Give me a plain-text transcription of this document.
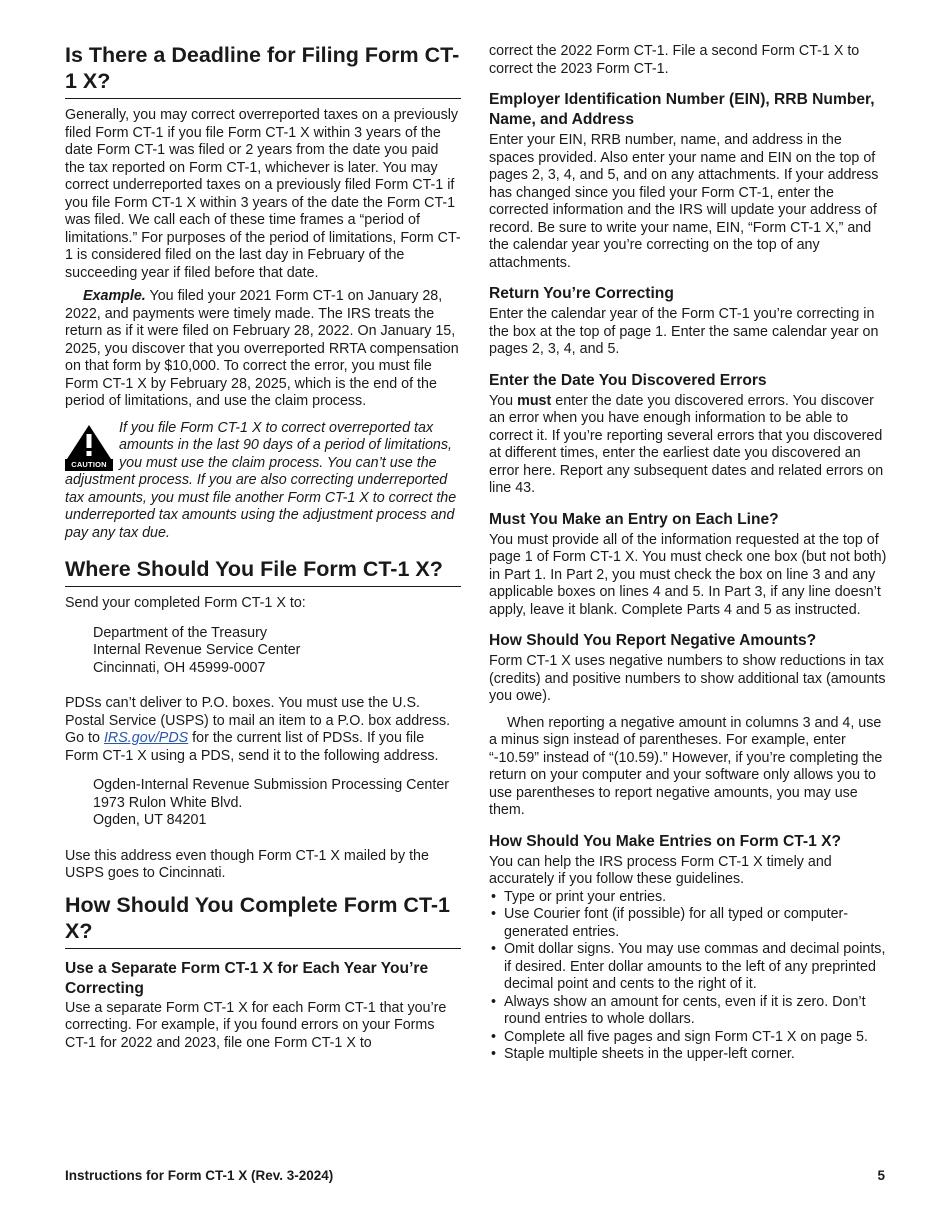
Is There a Deadline for Filing Form CT-1 X?

Generally, you may correct overreported taxes on a previously filed Form CT-1 if you file Form CT-1 X within 3 years of the date Form CT-1 was filed or 2 years from the date you paid the tax reported on Form CT-1, whichever is later. You may correct underreported taxes on a previously filed Form CT-1 if you file Form CT-1 X within 3 years of the date the Form CT-1 was filed. We call each of these time frames a “period of limitations.” For purposes of the period of limitations, Form CT-1 is considered filed on the last day in February of the succeeding year if filed before that date.

Example. You filed your 2021 Form CT-1 on January 28, 2022, and payments were timely made. The IRS treats the return as if it were filed on February 28, 2022. On January 15, 2025, you discover that you overreported RRTA compensation on that form by $10,000. To correct the error, you must file Form CT-1 X by February 28, 2025, which is the end of the period of limitations, and use the claim process.

CAUTION
If you file Form CT-1 X to correct overreported tax amounts in the last 90 days of a period of limitations, you must use the claim process. You can’t use the adjustment process. If you are also correcting underreported tax amounts, you must file another Form CT-1 X to correct the underreported tax amounts using the adjustment process and pay any tax due.
Where Should You File Form CT-1 X?

Send your completed Form CT-1 X to:

Department of the Treasury
Internal Revenue Service Center
Cincinnati, OH 45999-0007

PDSs can’t deliver to P.O. boxes. You must use the U.S. Postal Service (USPS) to mail an item to a P.O. box address. Go to IRS.gov/PDS for the current list of PDSs. If you file Form CT-1 X using a PDS, send it to the following address.

Ogden-Internal Revenue Submission Processing Center
1973 Rulon White Blvd.
Ogden, UT 84201

Use this address even though Form CT-1 X mailed by the USPS goes to Cincinnati.

How Should You Complete Form CT-1 X?
Use a Separate Form CT-1 X for Each Year You’re Correcting

Use a separate Form CT-1 X for each Form CT-1 that you’re correcting. For example, if you found errors on your Forms CT-1 for 2022 and 2023, file one Form CT-1 X to

correct the 2022 Form CT-1. File a second Form CT-1 X to correct the 2023 Form CT-1.

Employer Identification Number (EIN), RRB Number, Name, and Address

Enter your EIN, RRB number, name, and address in the spaces provided. Also enter your name and EIN on the top of pages 2, 3, 4, and 5, and on any attachments. If your address has changed since you filed your Form CT-1, enter the corrected information and the IRS will update your address of record. Be sure to write your name, EIN, “Form CT-1 X,” and the calendar year you’re correcting on the top of any attachments.

Return You’re Correcting

Enter the calendar year of the Form CT-1 you’re correcting in the box at the top of page 1. Enter the same calendar year on pages 2, 3, 4, and 5.

Enter the Date You Discovered Errors

You must enter the date you discovered errors. You discover an error when you have enough information to be able to correct it. If you’re reporting several errors that you discovered at different times, enter the earliest date you discovered an error here. Report any subsequent dates and related errors on line 43.

Must You Make an Entry on Each Line?

You must provide all of the information requested at the top of page 1 of Form CT-1 X. You must check one box (but not both) in Part 1. In Part 2, you must check the box on line 3 and any applicable boxes on lines 4 and 5. In Part 3, if any line doesn’t apply, leave it blank. Complete Parts 4 and 5 as instructed.

How Should You Report Negative Amounts?

Form CT-1 X uses negative numbers to show reductions in tax (credits) and positive numbers to show additional tax (amounts you owe).

When reporting a negative amount in columns 3 and 4, use a minus sign instead of parentheses. For example, enter “-10.59” instead of “(10.59).” However, if you’re completing the return on your computer and your software only allows you to use parentheses to report negative amounts, you may use them.

How Should You Make Entries on Form CT-1 X?

You can help the IRS process Form CT-1 X timely and accurately if you follow these guidelines.

• Type or print your entries.
• Use Courier font (if possible) for all typed or computer-generated entries.
• Omit dollar signs. You may use commas and decimal points, if desired. Enter dollar amounts to the left of any preprinted decimal point and cents to the right of it.
• Always show an amount for cents, even if it is zero. Don’t round entries to whole dollars.
• Complete all five pages and sign Form CT-1 X on page 5.
• Staple multiple sheets in the upper-left corner.
Instructions for Form CT-1 X (Rev. 3-2024)	5
